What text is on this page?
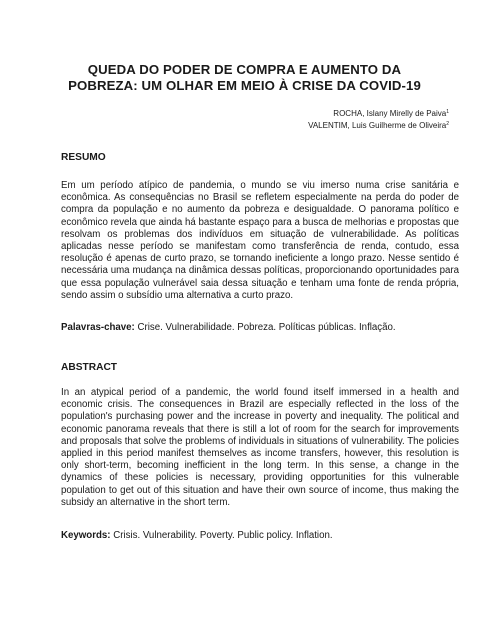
QUEDA DO PODER DE COMPRA E AUMENTO DA
POBREZA: UM OLHAR EM MEIO À CRISE DA COVID-19
ROCHA, Islany Mirelly de Paiva$^1$
VALENTIM, Luis Guilherme de Oliveira$^2$
RESUMO
Em um período atípico de pandemia, o mundo se viu imerso numa crise sanitária e econômica. As consequências no Brasil se refletem especialmente na perda do poder de compra da população e no aumento da pobreza e desigualdade. O panorama político e econômico revela que ainda há bastante espaço para a busca de melhorias e propostas que resolvam os problemas dos indivíduos em situação de vulnerabilidade. As políticas aplicadas nesse período se manifestam como transferência de renda, contudo, essa resolução é apenas de curto prazo, se tornando ineficiente a longo prazo. Nesse sentido é necessária uma mudança na dinâmica dessas políticas, proporcionando oportunidades para que essa população vulnerável saia dessa situação e tenham uma fonte de renda própria, sendo assim o subsídio uma alternativa a curto prazo.
Palavras-chave: Crise. Vulnerabilidade. Pobreza. Políticas públicas. Inflação.
ABSTRACT
In an atypical period of a pandemic, the world found itself immersed in a health and economic crisis. The consequences in Brazil are especially reflected in the loss of the population's purchasing power and the increase in poverty and inequality. The political and economic panorama reveals that there is still a lot of room for the search for improvements and proposals that solve the problems of individuals in situations of vulnerability. The policies applied in this period manifest themselves as income transfers, however, this resolution is only short-term, becoming inefficient in the long term. In this sense, a change in the dynamics of these policies is necessary, providing opportunities for this vulnerable population to get out of this situation and have their own source of income, thus making the subsidy an alternative in the short term.
Keywords: Crisis. Vulnerability. Poverty. Public policy. Inflation.
